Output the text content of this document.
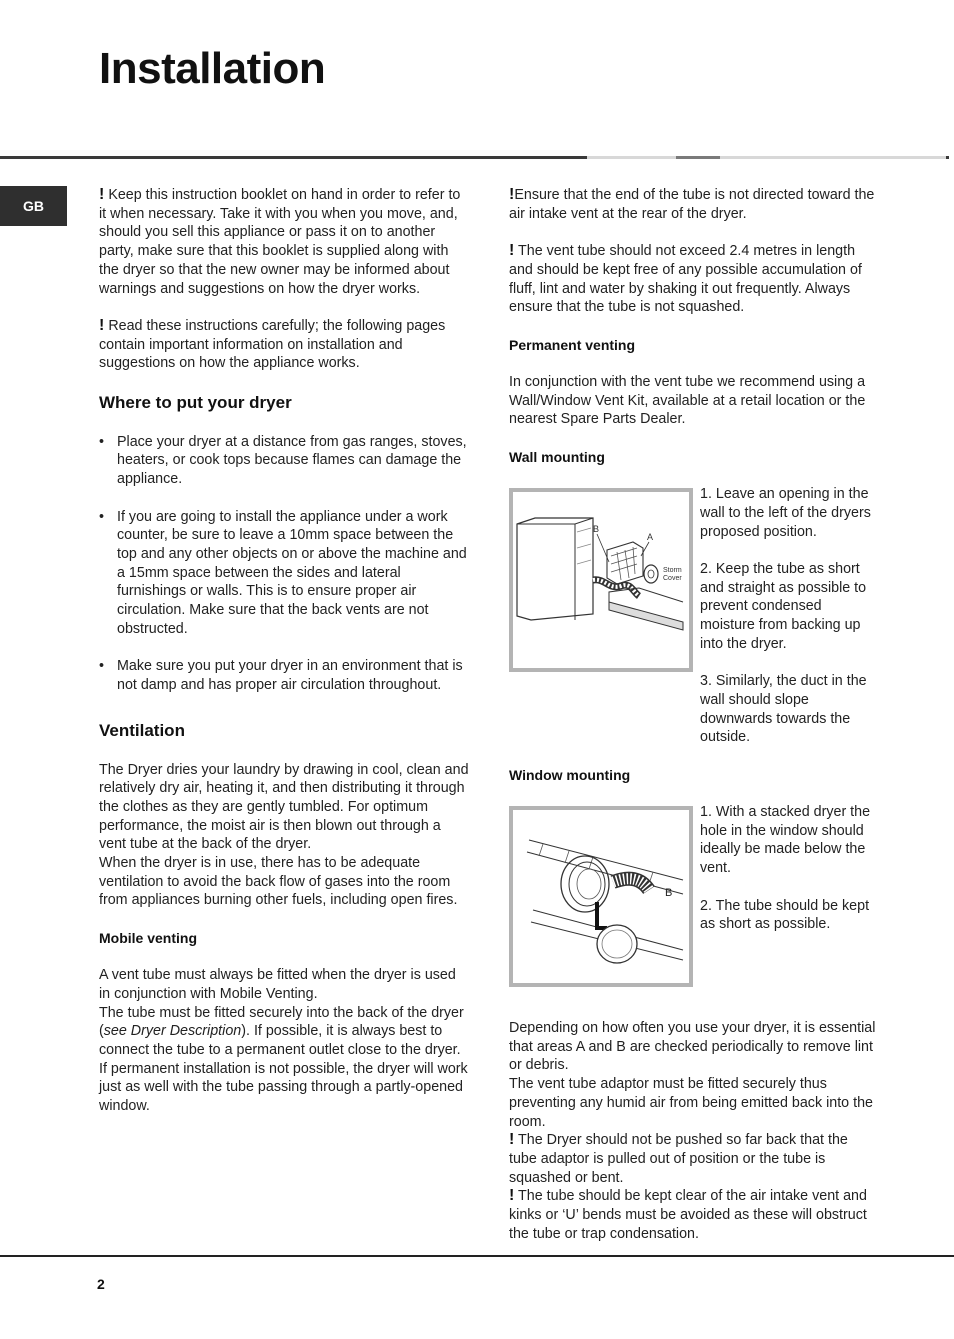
Installation
GB

! Keep this instruction booklet on hand in order to refer to it when necessary. Take it with you when you move, and, should you sell this appliance or pass it on to another party, make sure that this booklet is supplied along with the dryer so that the new owner may be informed about warnings and suggestions on how the dryer works.

! Read these instructions carefully; the following pages contain important information on installation and suggestions on how the appliance works.

Where to put your dryer
• Place your dryer at a distance from gas ranges, stoves, heaters, or cook tops because flames can damage the appliance.
• If you are going to install the appliance under a work counter, be sure to leave a 10mm space between the top and any other objects on or above the machine and a 15mm space between the sides and lateral furnishings or walls. This is to ensure proper air circulation. Make sure that the back vents are not obstructed.
• Make sure you put your dryer in an environment that is not damp and has proper air circulation throughout.
Ventilation

The Dryer dries your laundry by drawing in cool, clean and relatively dry air, heating it, and then distributing it through the clothes as they are gently tumbled. For optimum performance, the moist air is then blown out through a vent tube at the back of the dryer.

When the dryer is in use, there has to be adequate ventilation to avoid the back flow of gases into the room from appliances burning other fuels, including open fires.

Mobile venting

A vent tube must always be fitted when the dryer is used in conjunction with Mobile Venting.

The tube must be fitted securely into the back of the dryer (see Dryer Description). If possible, it is always best to connect the tube to a permanent outlet close to the dryer. If permanent installation is not possible, the dryer will work just as well with the tube passing through a partly-opened window.

!Ensure that the end of the tube is not directed toward the air intake vent at the rear of the dryer.

! The vent tube should not exceed 2.4 metres in length and should be kept free of any possible accumulation of fluff, lint and water by shaking it out frequently. Always ensure that the tube is not squashed.

Permanent venting

In conjunction with the vent tube we recommend using a Wall/Window Vent Kit, available at a retail location or the nearest Spare Parts Dealer.

Wall mounting
B
A
Storm
Cover

1. Leave an opening in the wall to the left of the dryers proposed position.

2. Keep the tube as short and straight as possible to prevent condensed moisture from backing up into the dryer.

3. Similarly, the duct in the wall should slope downwards towards the outside.

Window mounting
B

1. With a stacked dryer the hole in the window should ideally be made below the vent.

2. The tube should be kept as short as possible.

Depending on how often you use your dryer, it is essential that areas A and B are checked periodically to remove lint or debris.

The vent tube adaptor must be fitted securely thus preventing any humid air from being emitted back into the room.

! The Dryer should not be pushed so far back that the tube adaptor is pulled out of position or the tube is squashed or bent.

! The tube should be kept clear of the air intake vent and kinks or ‘U’ bends must be avoided as these will obstruct the tube or trap condensation.

2
